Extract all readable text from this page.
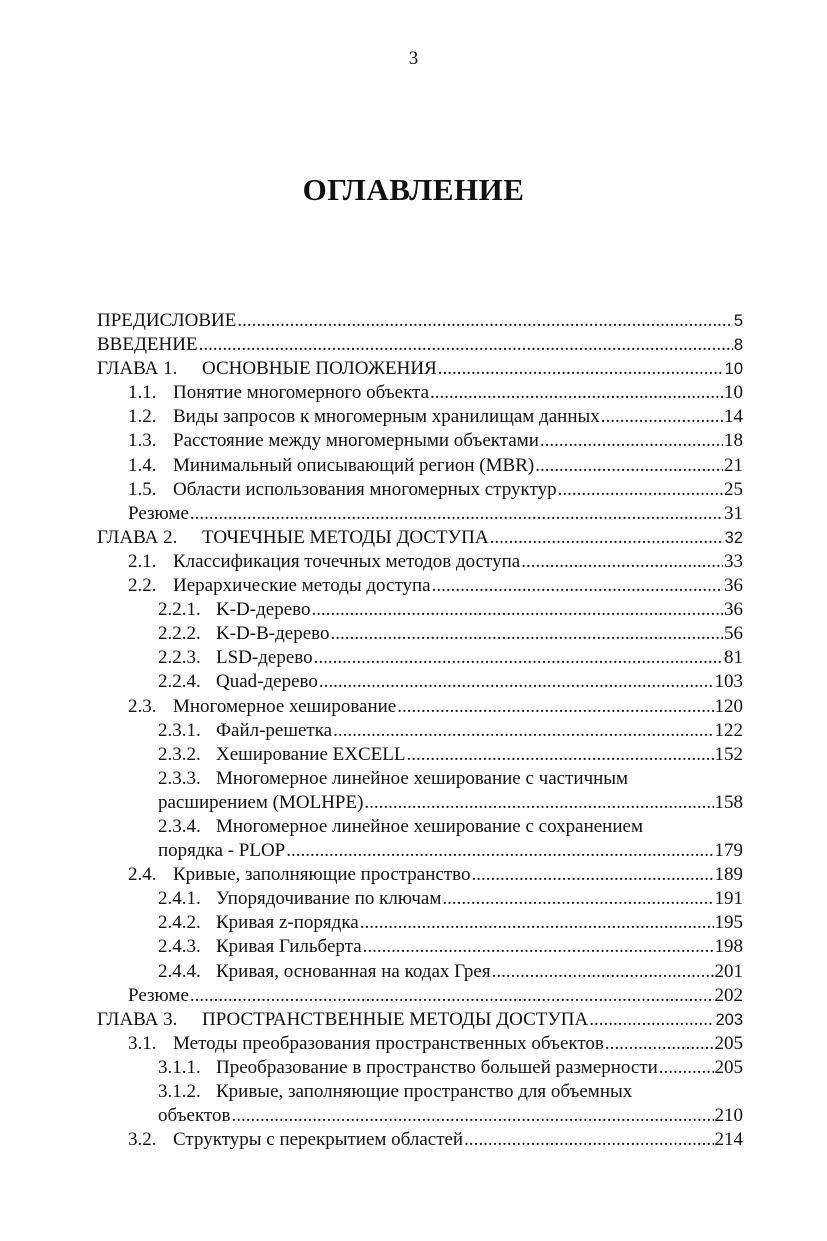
3
ОГЛАВЛЕНИЕ
ПРЕДИСЛОВИЕ .....	5
ВВЕДЕНИЕ .....	8
ГЛАВА 1.	ОСНОВНЫЕ ПОЛОЖЕНИЯ .....	10
1.1. Понятие многомерного объекта .....	10
1.2. Виды запросов к многомерным хранилищам данных .....	14
1.3. Расстояние между многомерными объектами .....	18
1.4. Минимальный описывающий регион (MBR) .....	21
1.5. Области использования многомерных структур .....	25
Резюме .....	31
ГЛАВА 2.	ТОЧЕЧНЫЕ МЕТОДЫ ДОСТУПА .....	32
2.1. Классификация точечных методов доступа .....	33
2.2. Иерархические методы доступа .....	36
2.2.1. K-D-дерево .....	36
2.2.2. K-D-B-дерево .....	56
2.2.3. LSD-дерево .....	81
2.2.4. Quad-дерево .....	103
2.3. Многомерное хеширование .....	120
2.3.1. Файл-решетка .....	122
2.3.2. Хеширование EXCELL .....	152
2.3.3. Многомерное линейное хеширование с частичным
расширением (MOLHPE) .....	158
2.3.4. Многомерное линейное хеширование с сохранением
порядка - PLOP .....	179
2.4. Кривые, заполняющие пространство .....	189
2.4.1. Упорядочивание по ключам .....	191
2.4.2. Кривая z-порядка .....	195
2.4.3. Кривая Гильберта .....	198
2.4.4. Кривая, основанная на кодах Грея .....	201
Резюме .....	202
ГЛАВА 3.	ПРОСТРАНСТВЕННЫЕ МЕТОДЫ ДОСТУПА .....	203
3.1. Методы преобразования пространственных объектов .....	205
3.1.1. Преобразование в пространство большей размерности .....	205
3.1.2. Кривые, заполняющие пространство для объемных
объектов .....	210
3.2. Структуры с перекрытием областей .....	214
